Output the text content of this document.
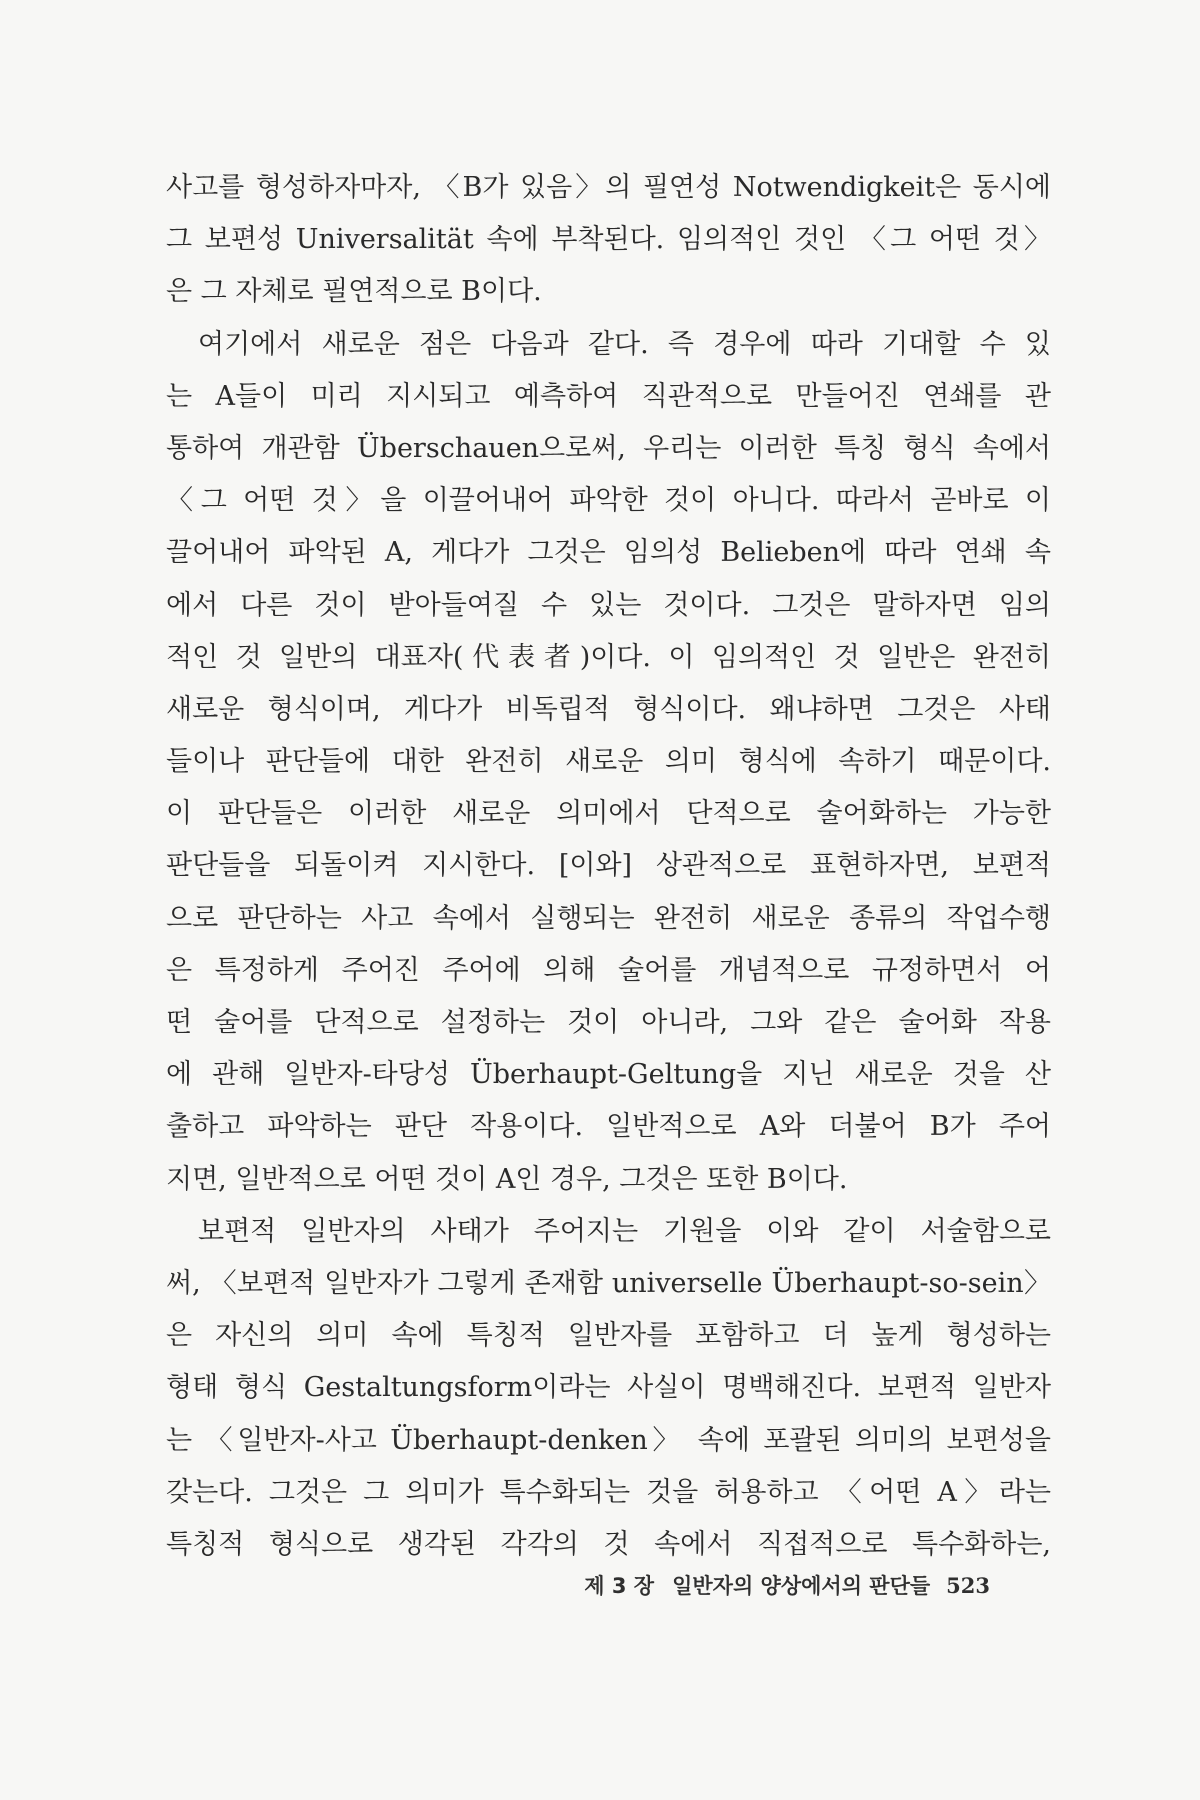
사고를 형성하자마자, 〈B가 있음〉의 필연성 Notwendigkeit은 동시에
그 보편성 Universalität 속에 부착된다. 임의적인 것인 〈그 어떤 것〉
은 그 자체로 필연적으로 B이다.
여기에서 새로운 점은 다음과 같다. 즉 경우에 따라 기대할 수 있
는 A들이 미리 지시되고 예측하여 직관적으로 만들어진 연쇄를 관
통하여 개관함 Überschauen으로써, 우리는 이러한 특칭 형식 속에서
〈그 어떤 것〉을 이끌어내어 파악한 것이 아니다. 따라서 곧바로 이
끌어내어 파악된 A, 게다가 그것은 임의성 Belieben에 따라 연쇄 속
에서 다른 것이 받아들여질 수 있는 것이다. 그것은 말하자면 임의
적인 것 일반의 대표자(代表者)이다. 이 임의적인 것 일반은 완전히
새로운 형식이며, 게다가 비독립적 형식이다. 왜냐하면 그것은 사태
들이나 판단들에 대한 완전히 새로운 의미 형식에 속하기 때문이다.
이 판단들은 이러한 새로운 의미에서 단적으로 술어화하는 가능한
판단들을 되돌이켜 지시한다. [이와] 상관적으로 표현하자면, 보편적
으로 판단하는 사고 속에서 실행되는 완전히 새로운 종류의 작업수행
은 특정하게 주어진 주어에 의해 술어를 개념적으로 규정하면서 어
떤 술어를 단적으로 설정하는 것이 아니라, 그와 같은 술어화 작용
에 관해 일반자-타당성 Überhaupt-Geltung을 지닌 새로운 것을 산
출하고 파악하는 판단 작용이다. 일반적으로 A와 더불어 B가 주어
지면, 일반적으로 어떤 것이 A인 경우, 그것은 또한 B이다.
보편적 일반자의 사태가 주어지는 기원을 이와 같이 서술함으로
써, 〈보편적 일반자가 그렇게 존재함 universelle Überhaupt-so-sein〉
은 자신의 의미 속에 특칭적 일반자를 포함하고 더 높게 형성하는
형태 형식 Gestaltungsform이라는 사실이 명백해진다. 보편적 일반자
는 〈일반자-사고 Überhaupt-denken〉 속에 포괄된 의미의 보편성을
갖는다. 그것은 그 의미가 특수화되는 것을 허용하고 〈어떤 A〉라는
특칭적 형식으로 생각된 각각의 것 속에서 직접적으로 특수화하는,
제 3 장 일반자의 양상에서의 판단들 523
